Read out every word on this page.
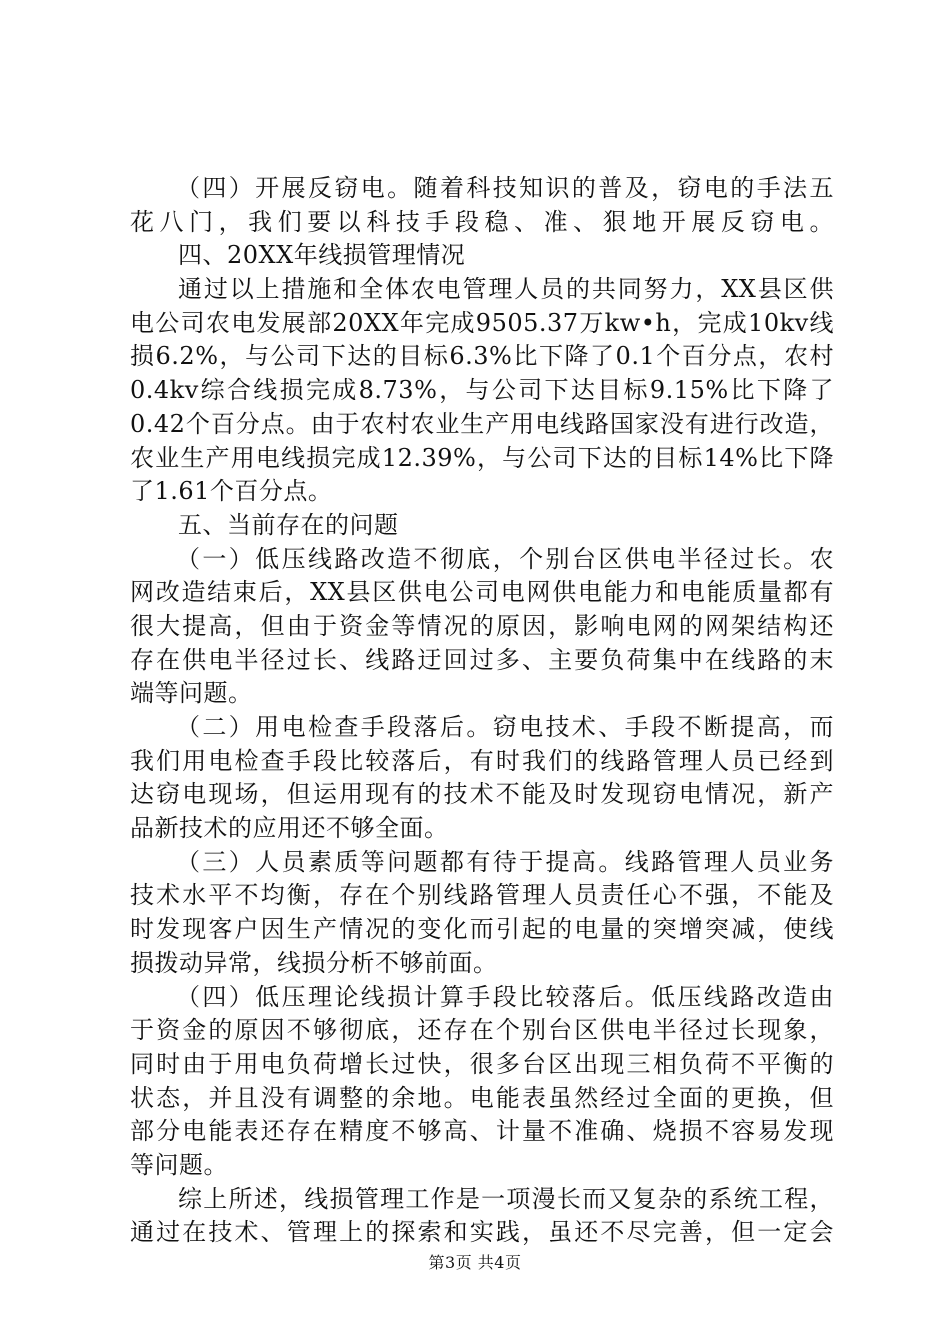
（四）开展反窃电。随着科技知识的普及，窃电的手法五
花八门，我们要以科技手段稳、准、狠地开展反窃电。
四、20XX年线损管理情况
通过以上措施和全体农电管理人员的共同努力，XX县区供
电公司农电发展部20XX年完成9505.37万kw•h，完成10kv线
损6.2%，与公司下达的目标6.3%比下降了0.1个百分点，农村
0.4kv综合线损完成8.73%，与公司下达目标9.15%比下降了
0.42个百分点。由于农村农业生产用电线路国家没有进行改造，
农业生产用电线损完成12.39%，与公司下达的目标14%比下降
了1.61个百分点。
五、当前存在的问题
（一）低压线路改造不彻底，个别台区供电半径过长。农
网改造结束后，XX县区供电公司电网供电能力和电能质量都有
很大提高，但由于资金等情况的原因，影响电网的网架结构还
存在供电半径过长、线路迂回过多、主要负荷集中在线路的末
端等问题。
（二）用电检查手段落后。窃电技术、手段不断提高，而
我们用电检查手段比较落后，有时我们的线路管理人员已经到
达窃电现场，但运用现有的技术不能及时发现窃电情况，新产
品新技术的应用还不够全面。
（三）人员素质等问题都有待于提高。线路管理人员业务
技术水平不均衡，存在个别线路管理人员责任心不强，不能及
时发现客户因生产情况的变化而引起的电量的突增突减，使线
损拨动异常，线损分析不够前面。
（四）低压理论线损计算手段比较落后。低压线路改造由
于资金的原因不够彻底，还存在个别台区供电半径过长现象，
同时由于用电负荷增长过快，很多台区出现三相负荷不平衡的
状态，并且没有调整的余地。电能表虽然经过全面的更换，但
部分电能表还存在精度不够高、计量不准确、烧损不容易发现
等问题。
综上所述，线损管理工作是一项漫长而又复杂的系统工程，
通过在技术、管理上的探索和实践，虽还不尽完善，但一定会
第3页 共4页
